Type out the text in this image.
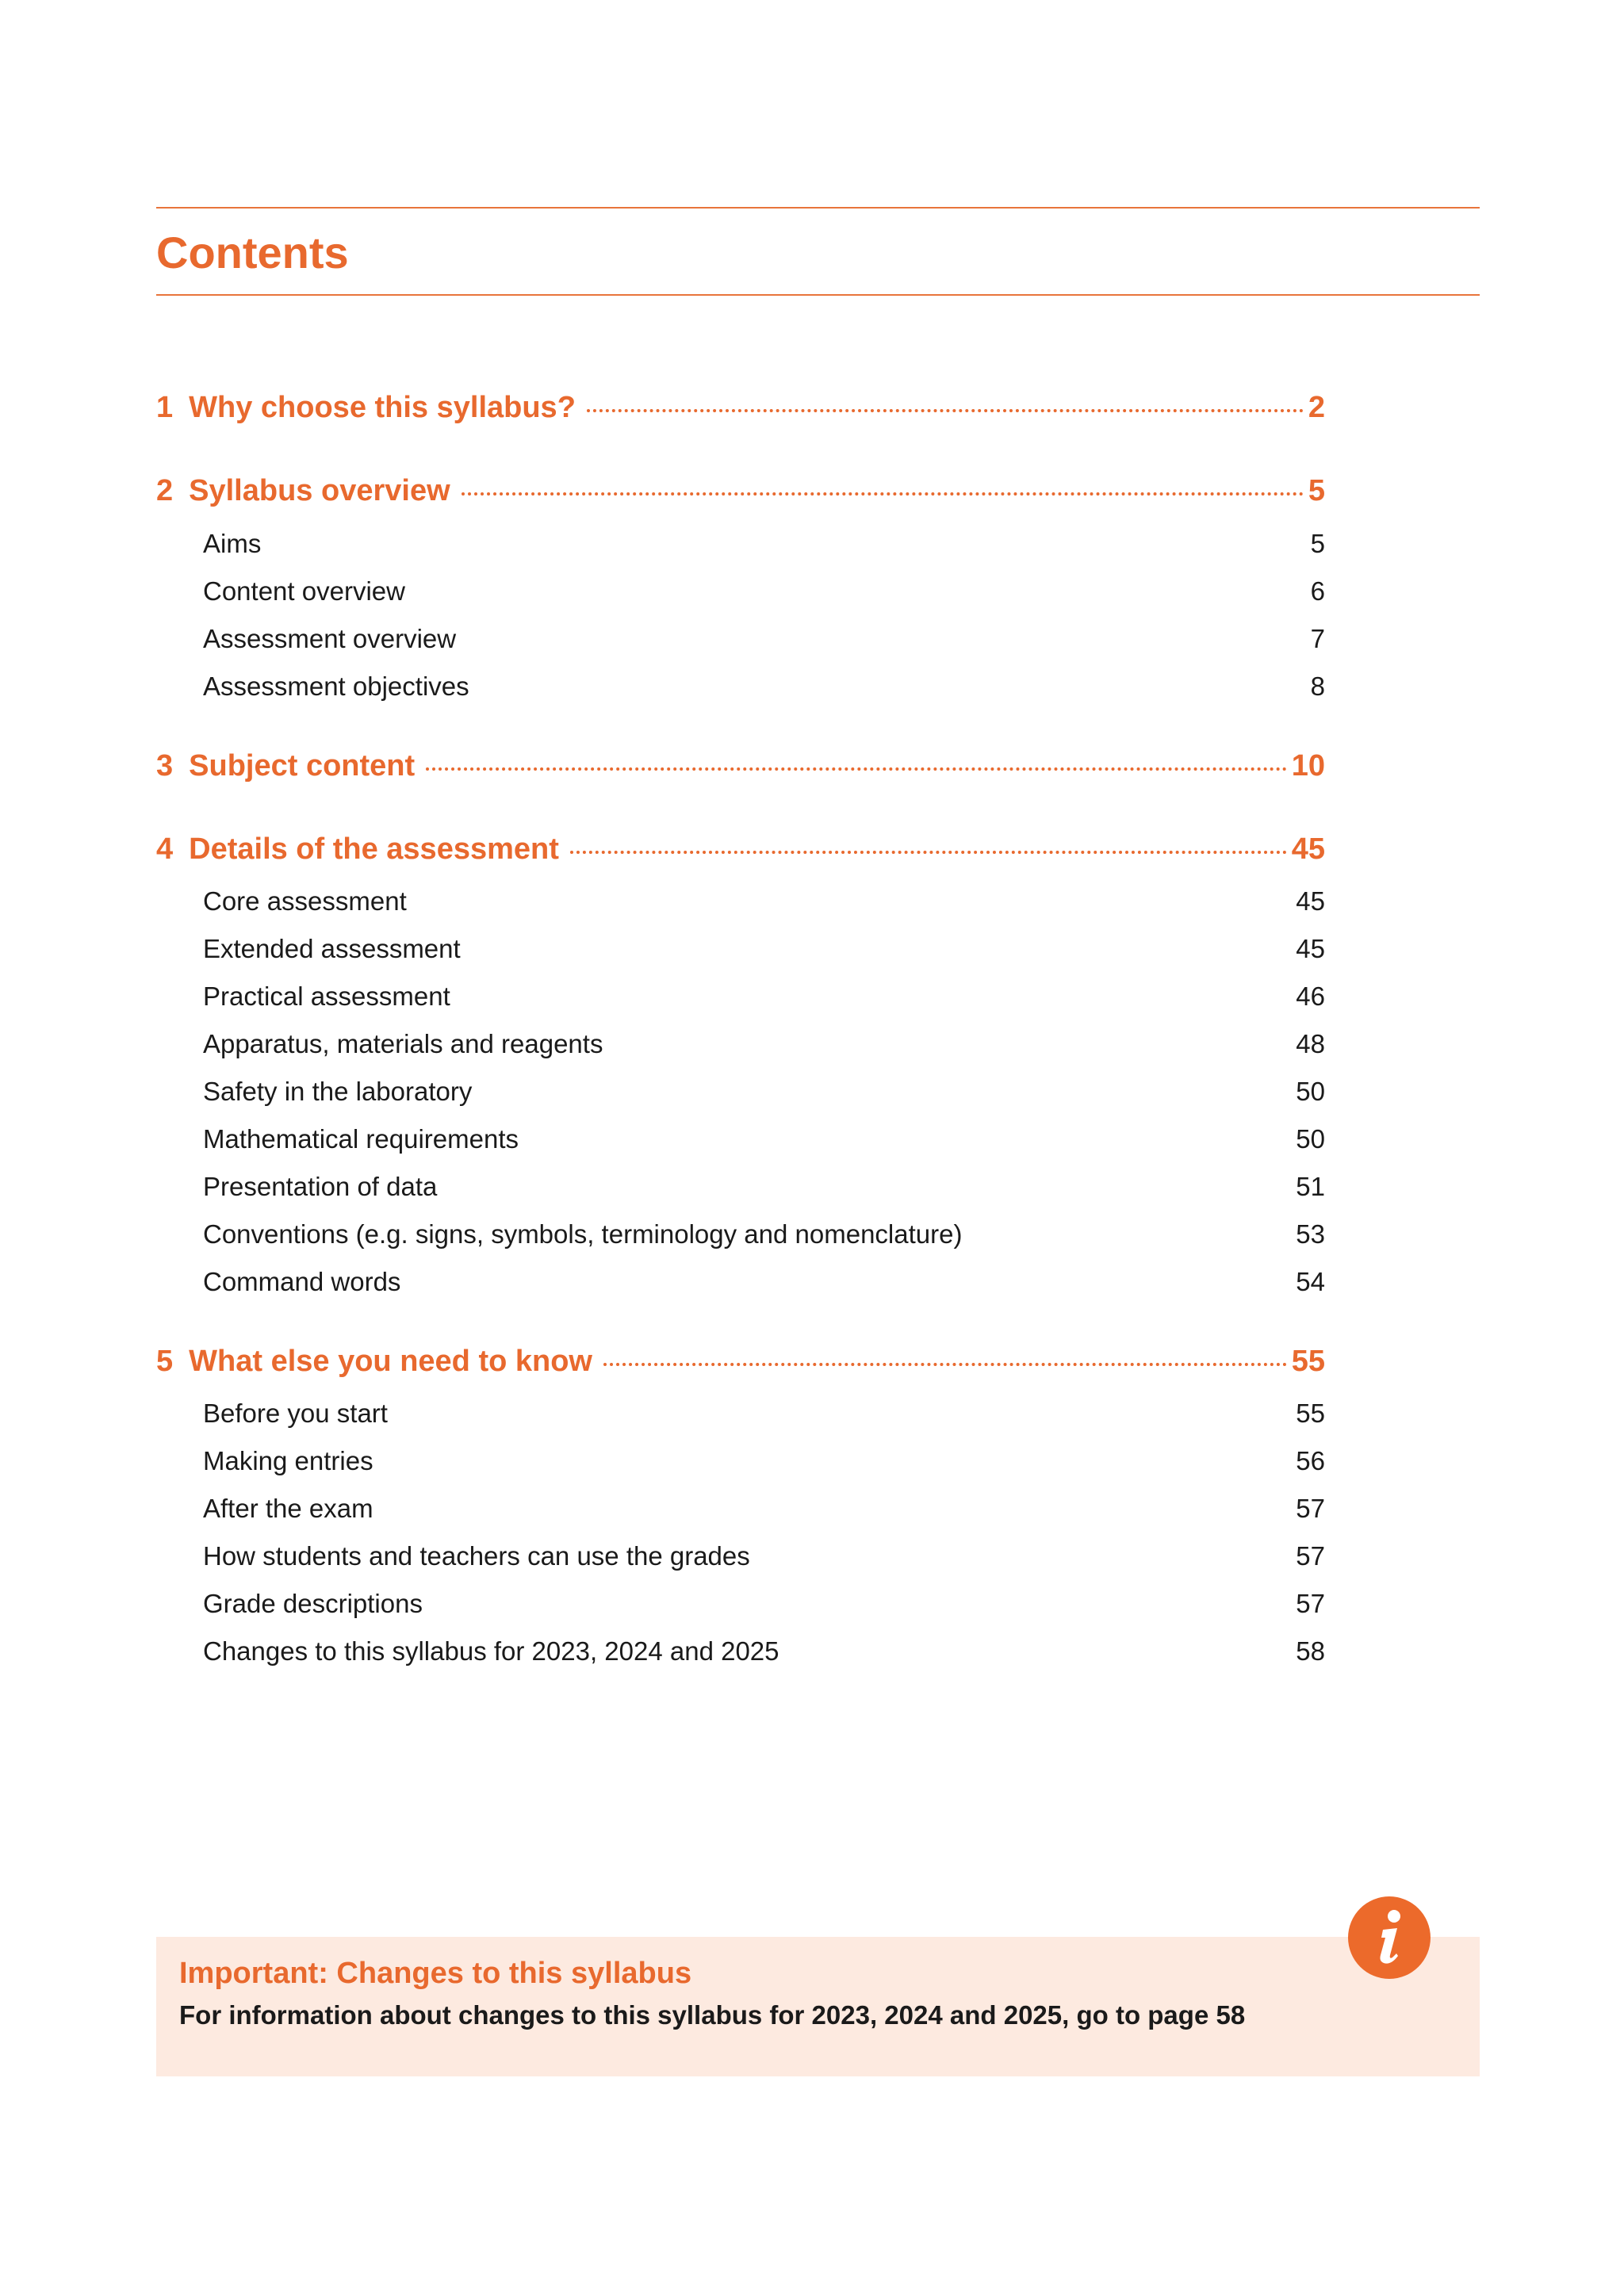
Contents
1 Why choose this syllabus?	2
2 Syllabus overview	5
Aims	5
Content overview	6
Assessment overview	7
Assessment objectives	8
3 Subject content	10
4 Details of the assessment	45
Core assessment	45
Extended assessment	45
Practical assessment	46
Apparatus, materials and reagents	48
Safety in the laboratory	50
Mathematical requirements	50
Presentation of data	51
Conventions (e.g. signs, symbols, terminology and nomenclature)	53
Command words	54
5 What else you need to know	55
Before you start	55
Making entries	56
After the exam	57
How students and teachers can use the grades	57
Grade descriptions	57
Changes to this syllabus for 2023, 2024 and 2025	58
Important: Changes to this syllabus
For information about changes to this syllabus for 2023, 2024 and 2025, go to page 58
